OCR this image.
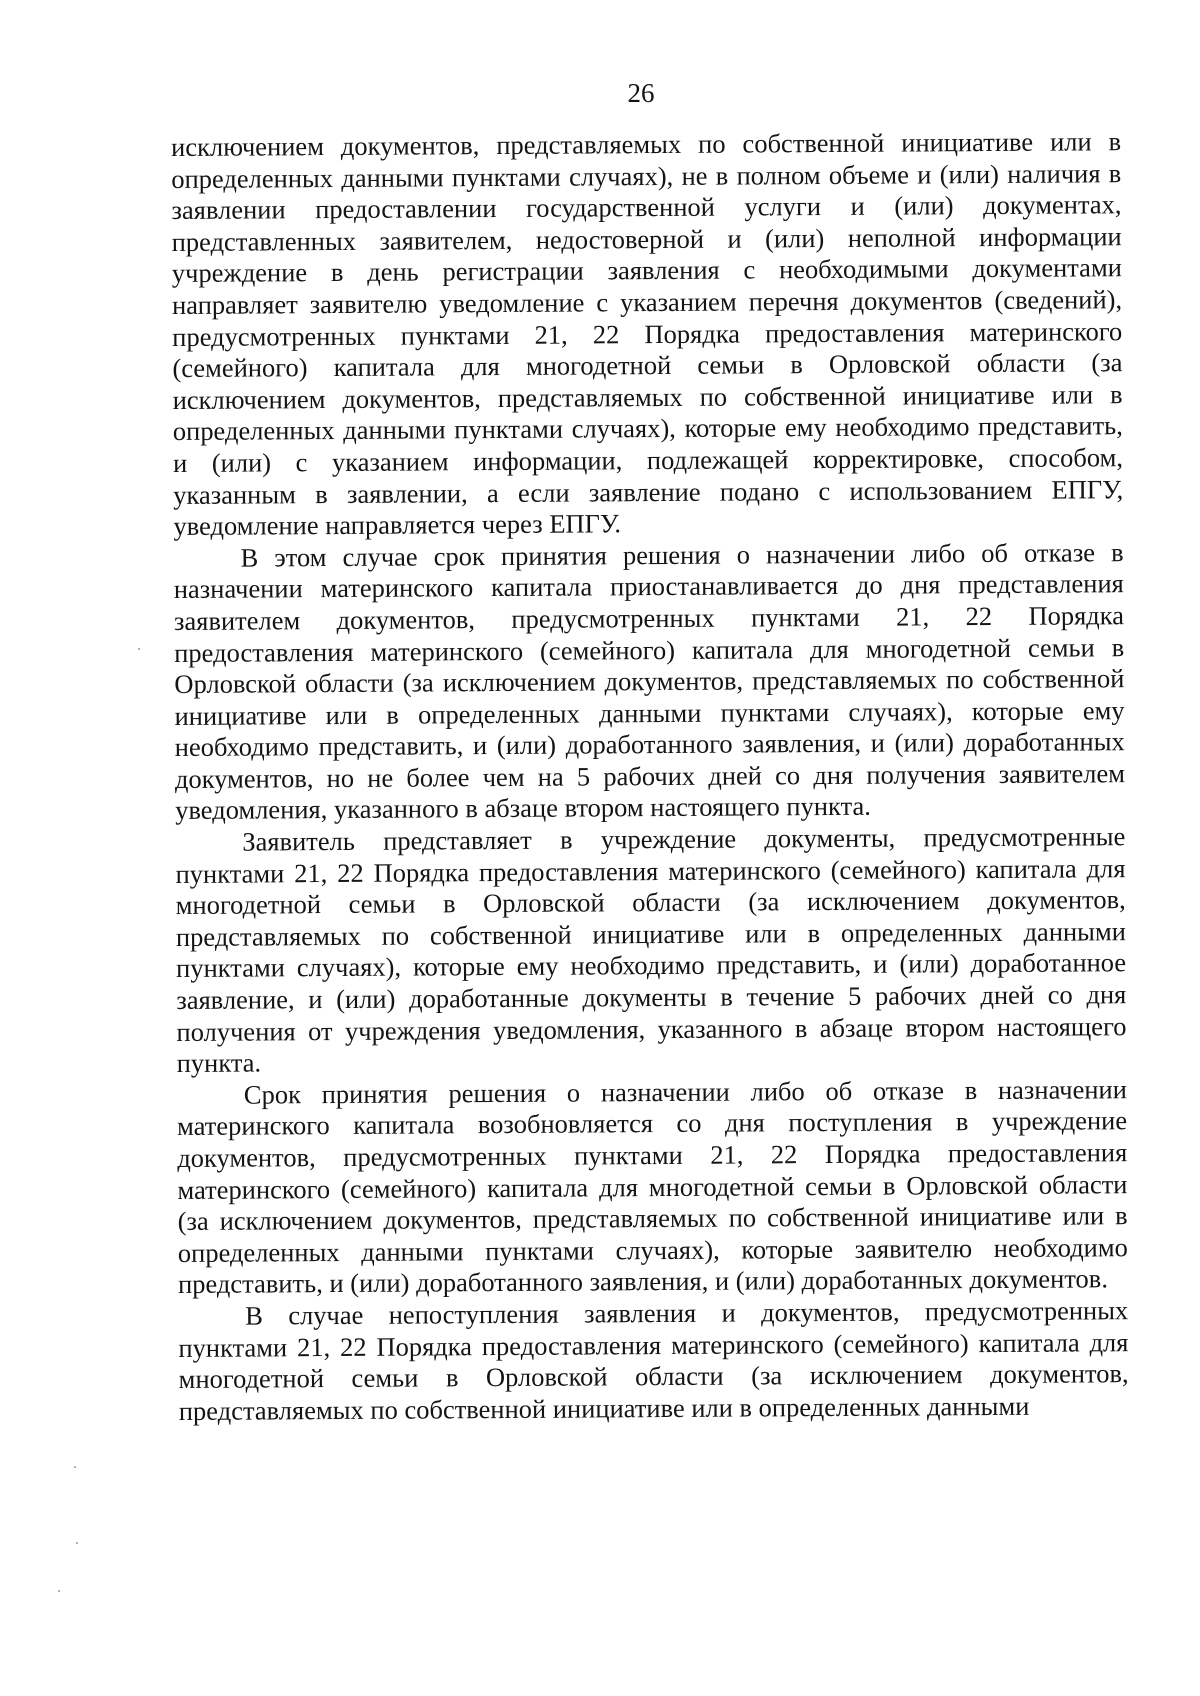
26

исключением документов, представляемых по собственной инициативе или в определенных данными пунктами случаях), не в полном объеме и (или) наличия в заявлении предоставлении государственной услуги и (или) документах, представленных заявителем, недостоверной и (или) неполной информации учреждение в день регистрации заявления с необходимыми документами направляет заявителю уведомление с указанием перечня документов (сведений), предусмотренных пунктами 21, 22 Порядка предоставления материнского (семейного) капитала для многодетной семьи в Орловской области (за исключением документов, представляемых по собственной инициативе или в определенных данными пунктами случаях), которые ему необходимо представить, и (или) с указанием информации, подлежащей корректировке, способом, указанным в заявлении, а если заявление подано с использованием ЕПГУ, уведомление направляется через ЕПГУ.

В этом случае срок принятия решения о назначении либо об отказе в назначении материнского капитала приостанавливается до дня представления заявителем документов, предусмотренных пунктами 21, 22 Порядка предоставления материнского (семейного) капитала для многодетной семьи в Орловской области (за исключением документов, представляемых по собственной инициативе или в определенных данными пунктами случаях), которые ему необходимо представить, и (или) доработанного заявления, и (или) доработанных документов, но не более чем на 5 рабочих дней со дня получения заявителем уведомления, указанного в абзаце втором настоящего пункта.

Заявитель представляет в учреждение документы, предусмотренные пунктами 21, 22 Порядка предоставления материнского (семейного) капитала для многодетной семьи в Орловской области (за исключением документов, представляемых по собственной инициативе или в определенных данными пунктами случаях), которые ему необходимо представить, и (или) доработанное заявление, и (или) доработанные документы в течение 5 рабочих дней со дня получения от учреждения уведомления, указанного в абзаце втором настоящего пункта.

Срок принятия решения о назначении либо об отказе в назначении материнского капитала возобновляется со дня поступления в учреждение документов, предусмотренных пунктами 21, 22 Порядка предоставления материнского (семейного) капитала для многодетной семьи в Орловской области (за исключением документов, представляемых по собственной инициативе или в определенных данными пунктами случаях), которые заявителю необходимо представить, и (или) доработанного заявления, и (или) доработанных документов.

В случае непоступления заявления и документов, предусмотренных пунктами 21, 22 Порядка предоставления материнского (семейного) капитала для многодетной семьи в Орловской области (за исключением документов, представляемых по собственной инициативе или в определенных данными
